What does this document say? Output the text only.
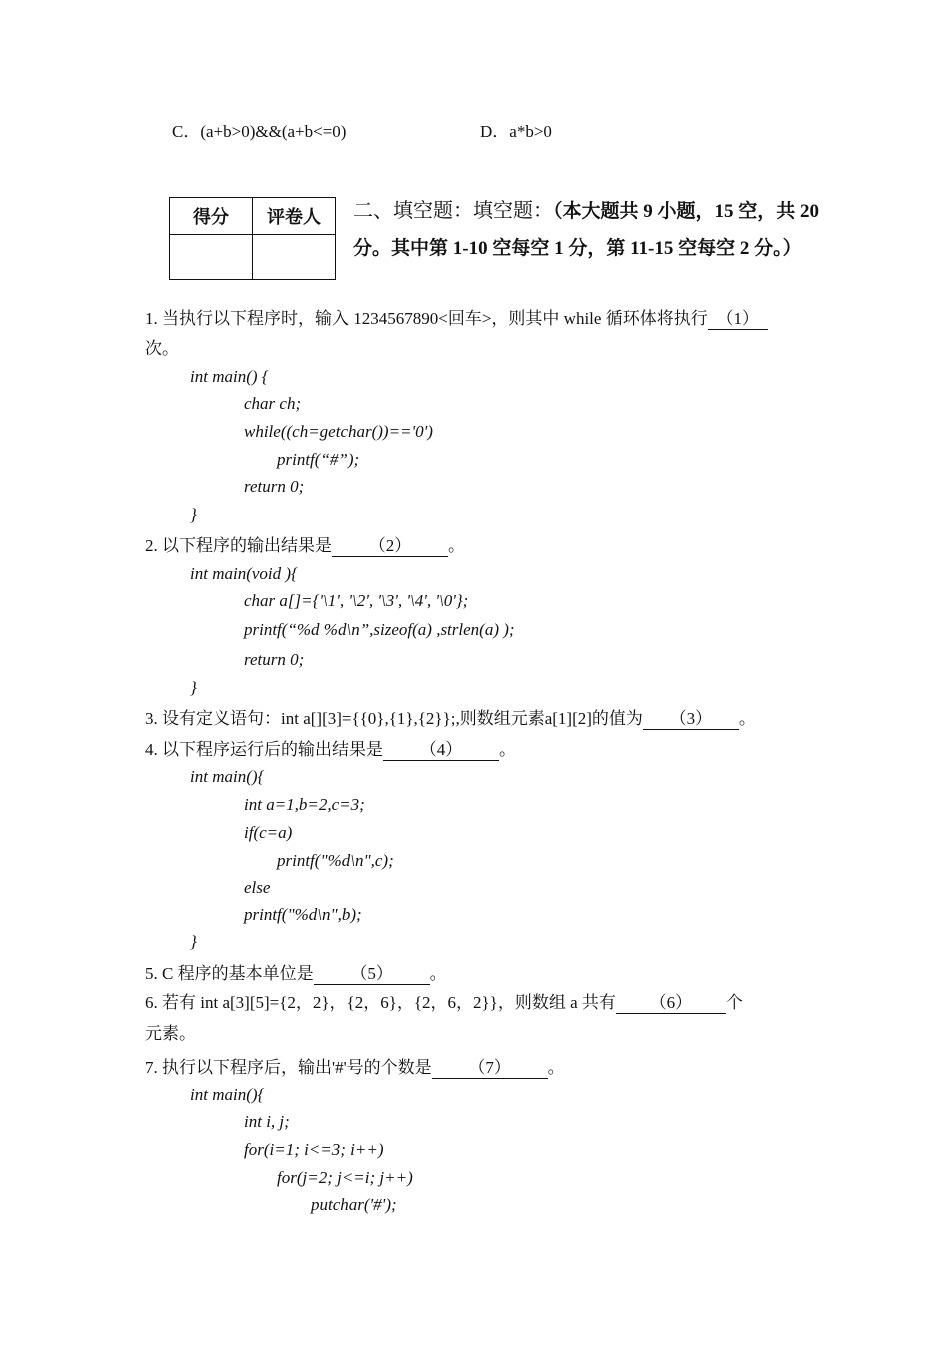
C．(a+b>0)&&(a+b<=0)	D．a*b>0
得分	评卷人
	二、填空题：填空题：（本大题共 9 小题，15 空，共 20
分。其中第 1-10 空每空 1 分，第 11-15 空每空 2 分。）
1. 当执行以下程序时，输入 1234567890<回车>，则其中 while 循环体将执行 （1）
次。
int main() {
char ch;
while((ch=getchar())=='0')
printf(“#”);
return 0;
}
2. 以下程序的输出结果是 （2） 。
int main(void ){
char a[]={'\1', '\2', '\3', '\4', '\0'};
printf(“%d %d\n”,sizeof(a) ,strlen(a) );
return 0;
}
3. 设有定义语句：int a[][3]={{0},{1},{2}};,则数组元素a[1][2]的值为 （3） 。
4. 以下程序运行后的输出结果是 （4） 。
int main(){
int a=1,b=2,c=3;
if(c=a)
printf("%d\n",c);
else
printf("%d\n",b);
}
5. C 程序的基本单位是 （5） 。
6. 若有 int a[3][5]={2，2}，{2，6}，{2，6，2}}，则数组 a 共有 （6） 个
元素。
7. 执行以下程序后，输出'#'号的个数是 （7） 。
int main(){
int i, j;
for(i=1; i<=3; i++)
for(j=2; j<=i; j++)
putchar('#');
